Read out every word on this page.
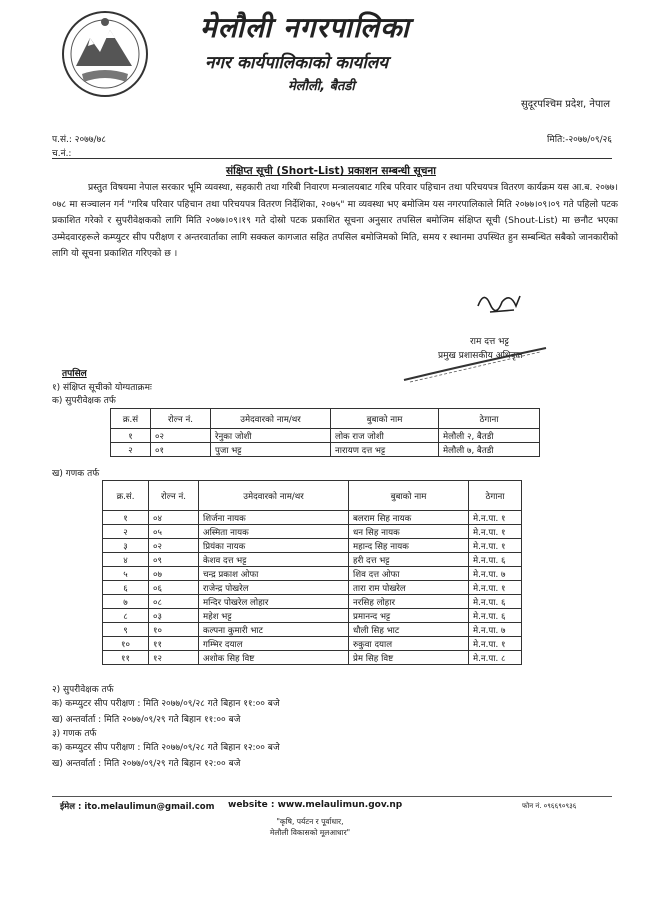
मेलौली नगरपालिका
नगर कार्यपालिकाको कार्यालय
मेलौली, बैतडी
सुदूरपश्चिम प्रदेश, नेपाल
प.सं.: २०७७/७८
च.नं.:
मिति:-२०७७/०९/२६
संक्षिप्त सूची (Short-List) प्रकाशन सम्बन्धी सूचना
प्रस्तुत विषयमा नेपाल सरकार भूमि व्यवस्था, सहकारी तथा गरिबी निवारण मन्त्रालयबाट गरिब परिवार पहिचान तथा परिचयपत्र वितरण कार्यक्रम यस आ.ब. २०७७।०७८ मा सञ्चालन गर्न "गरिब परिवार पहिचान तथा परिचयपत्र वितरण निर्देशिका, २०७५" मा व्यवस्था भए बमोजिम यस नगरपालिकाले मिति २०७७।०९।०९ गते पहिलो पटक प्रकाशित गरेको र सुपरीवेक्षकको लागि मिति २०७७।०९।१९ गते दोस्रो पटक प्रकाशित सूचना अनुसार तपसिल बमोजिम संक्षिप्त सूची (Shout-List) मा छनौट भएका उम्मेदवारहरूले कम्प्युटर सीप परीक्षण र अन्तरवार्ताका लागि सक्कल कागजात सहित तपसिल बमोजिमको मिति, समय र स्थानमा उपस्थित हुन सम्बन्धित सबैको जानकारीको लागि यो सूचना प्रकाशित गरिएको छ ।
राम दत्त भट्ट
प्रमुख प्रशासकीय अधिकृत
तपसिल
१) संक्षिप्त सूचीको योग्यताक्रमः
क) सुपरीवेक्षक तर्फ
क्र.सं	रोल्न नं.	उमेदवारको नाम/थर	बुबाको नाम	ठेगाना
१	०२	रेनुका जोशी	लोक राज जोशी	मेलौली २, बैतडी
२	०१	पुजा भट्ट	नारायण दत्त भट्ट	मेलौली ७, बैतडी
ख) गणक तर्फ
क्र.सं.	रोल्न नं.	उमेदवारको नाम/थर	बुबाको नाम	ठेगाना
१	०४	शिर्जना नायक	बलराम सिह नायक	मे.न.पा. १
२	०५	अस्मिता नायक	धन सिह नायक	मे.न.पा. १
३	०२	प्रियंका नायक	महान्द सिह नायक	मे.न.पा. १
४	०९	केशव दत्त भट्ट	हरी दत्त भट्ट	मे.न.पा. ६
५	०७	चन्द्र प्रकाश ओफा	शिव दत्त ओफा	मे.न.पा. ७
६	०६	राजेन्द्र पोखरेल	तारा राम पोखरेल	मे.न.पा. १
७	०८	मन्दिर पोखरेल लोहार	नरसिह लोहार	मे.न.पा. ६
८	०३	महेश भट्ट	प्रमानन्द भट्ट	मे.न.पा. ६
९	१०	कल्पना कुमारी भाट	धौली सिह भाट	मे.न.पा. ७
१०	११	गम्भिर दयाल	रुकुवा दयाल	मे.न.पा. १
११	१२	अशोक सिह विष्ट	प्रेम सिह विष्ट	मे.न.पा. ८
२) सुपरीवेक्षक तर्फ
क) कम्प्युटर सीप परीक्षण : मिति २०७७/०९/२८ गते बिहान ११:०० बजे
ख) अन्तर्वार्ता : मिति २०७७/०९/२९ गते बिहान ११:०० बजे
३) गणक तर्फ
क) कम्प्युटर सीप परीक्षण : मिति २०७७/०९/२८ गते बिहान १२:०० बजे
ख) अन्तर्वार्ता : मिति २०७७/०९/२९ गते बिहान १२:०० बजे
ईमेल : ito.melaulimun@gmail.com website : www.melaulimun.gov.np	फोन नं. ०९६६९०९३६
"कृषि, पर्यटन र पूर्वाधार,
मेलौली विकासको मूलआधार"
